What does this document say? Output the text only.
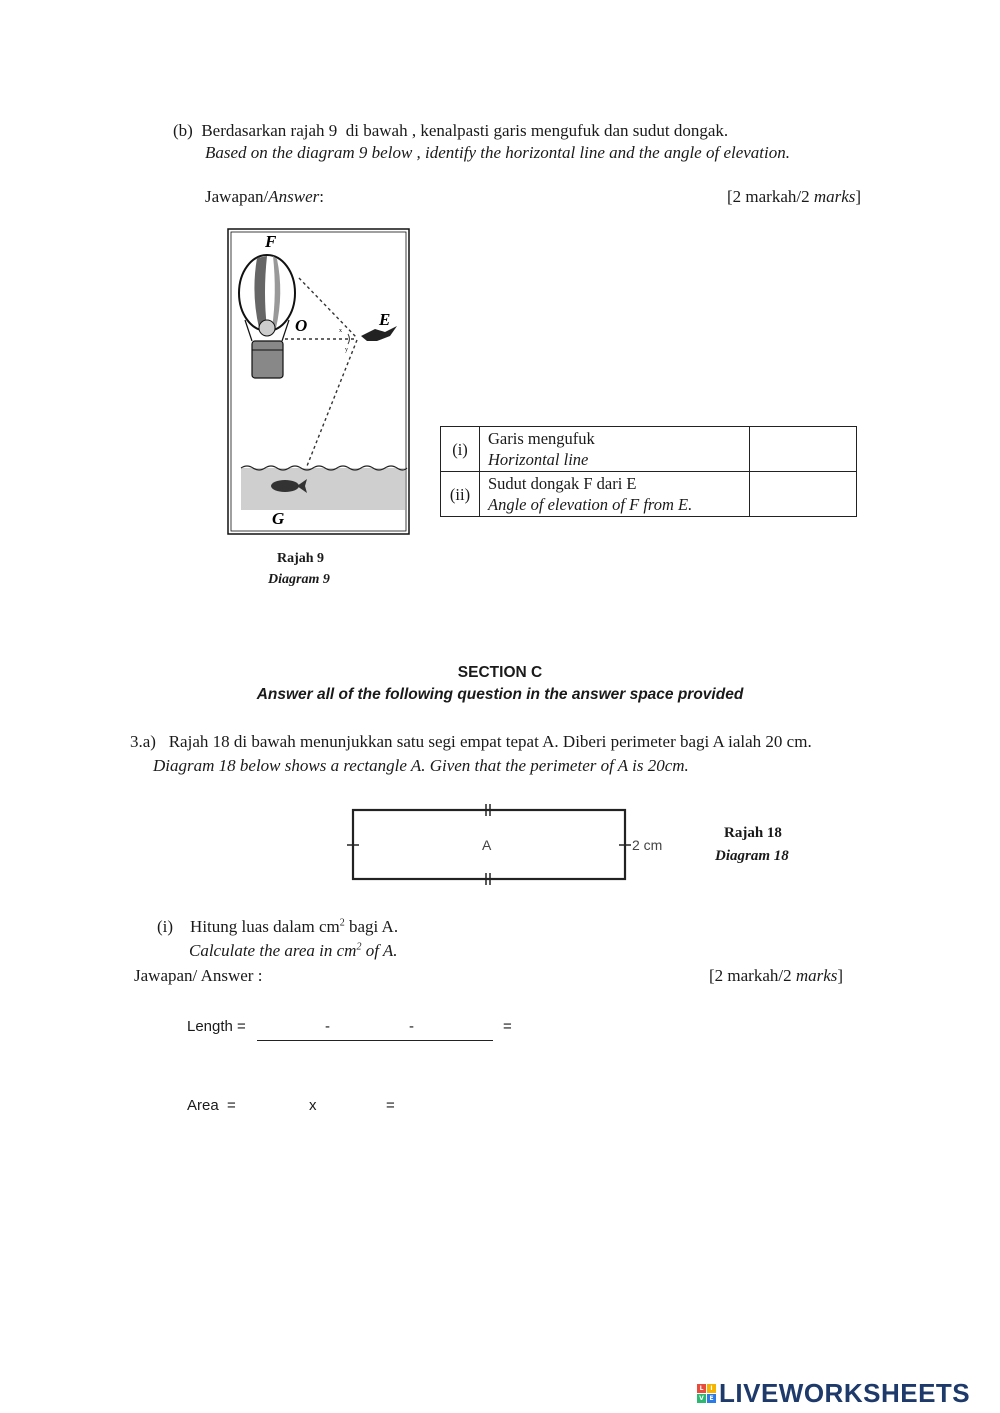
(b)  Berdasarkan rajah 9  di bawah , kenalpasti garis mengufuk dan sudut dongak.
Based on the diagram 9 below , identify the horizontal line and the angle of elevation.
Jawapan/Answer:	[2 markah/2 marks]
F
O	E
x
y
G
Rajah 9
Diagram 9
(i)	Garis mengufuk
Horizontal line	

(ii)	Sudut dongak F dari E
Angle of elevation of F from E.	

SECTION C
Answer all of the following question in the answer space provided
3.a)   Rajah 18 di bawah menunjukkan satu segi empat tepat A. Diberi perimeter bagi A ialah 20 cm.
Diagram 18 below shows a rectangle A. Given that the perimeter of A is 20cm.
A	2 cm
Rajah 18
Diagram 18
(i)    Hitung luas dalam $cm^2$ bagi A.
Calculate the area in $cm^2$ of A.
Jawapan/ Answer :	[2 markah/2 marks]
Length =	-	-	=
Area  =	x	=
L	I
V E LIVEWORKSHEETS
